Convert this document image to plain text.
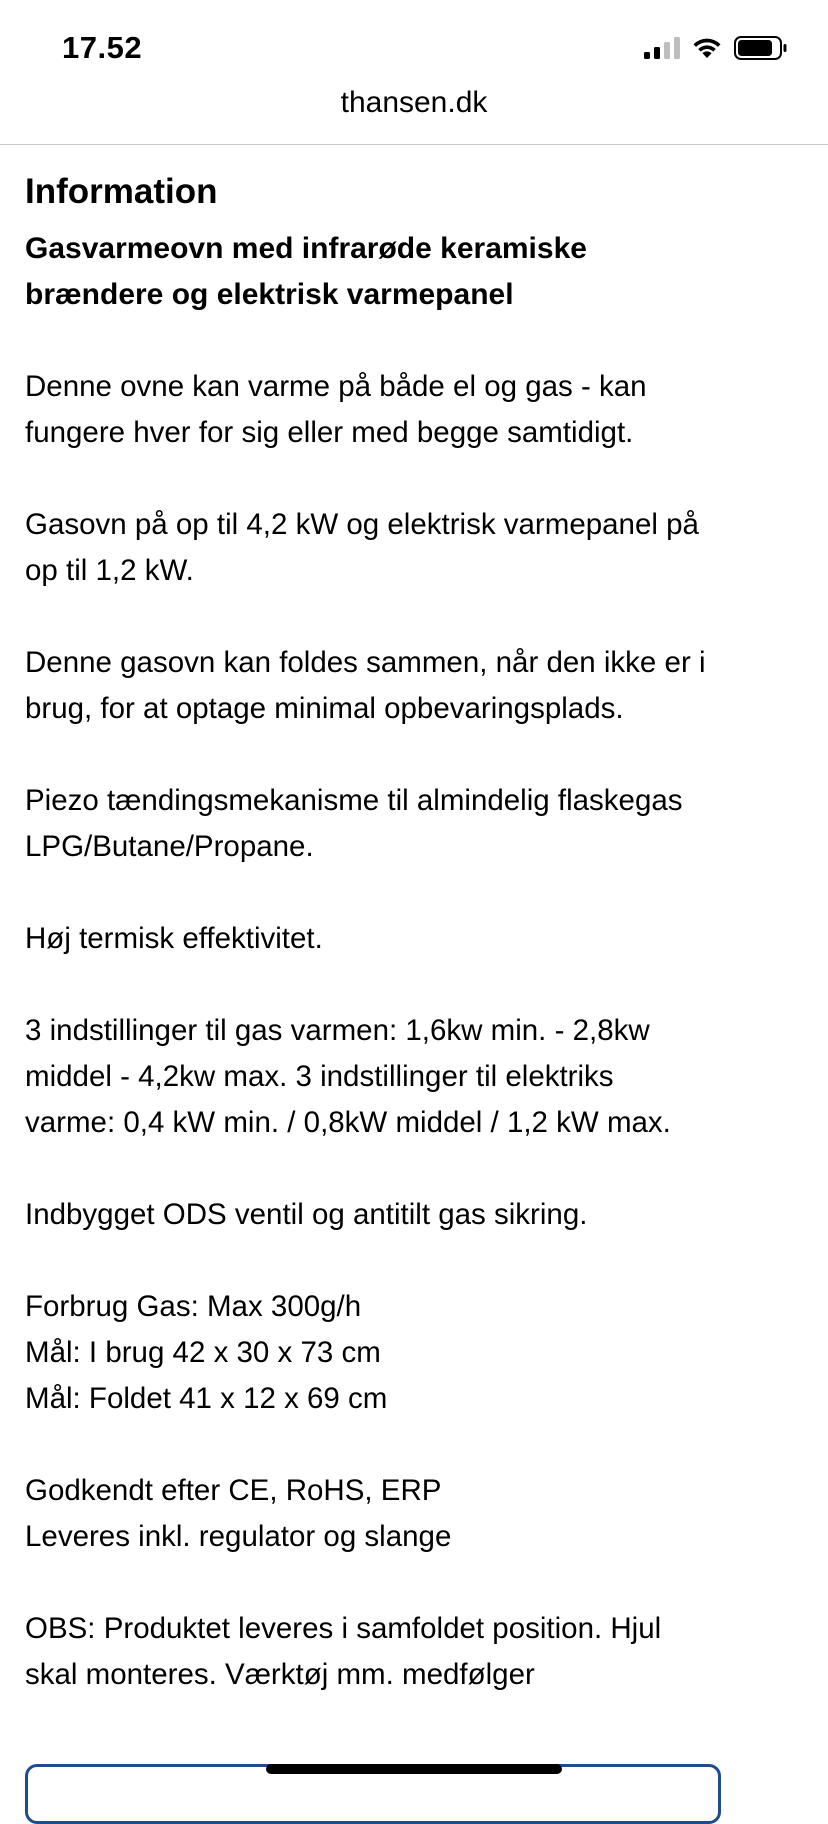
17.52
thansen.dk
Information
Gasvarmeovn med infrarøde keramiske
brændere og elektrisk varmepanel
Denne ovne kan varme på både el og gas - kan
fungere hver for sig eller med begge samtidigt.
Gasovn på op til 4,2 kW og elektrisk varmepanel på
op til 1,2 kW.
Denne gasovn kan foldes sammen, når den ikke er i
brug, for at optage minimal opbevaringsplads.
Piezo tændingsmekanisme til almindelig flaskegas
LPG/Butane/Propane.
Høj termisk effektivitet.
3 indstillinger til gas varmen: 1,6kw min. - 2,8kw
middel - 4,2kw max. 3 indstillinger til elektriks
varme: 0,4 kW min. / 0,8kW middel / 1,2 kW max.
Indbygget ODS ventil og antitilt gas sikring.
Forbrug Gas: Max 300g/h
Mål: I brug 42 x 30 x 73 cm
Mål: Foldet 41 x 12 x 69 cm
Godkendt efter CE, RoHS, ERP
Leveres inkl. regulator og slange
OBS: Produktet leveres i samfoldet position. Hjul
skal monteres. Værktøj mm. medfølger
